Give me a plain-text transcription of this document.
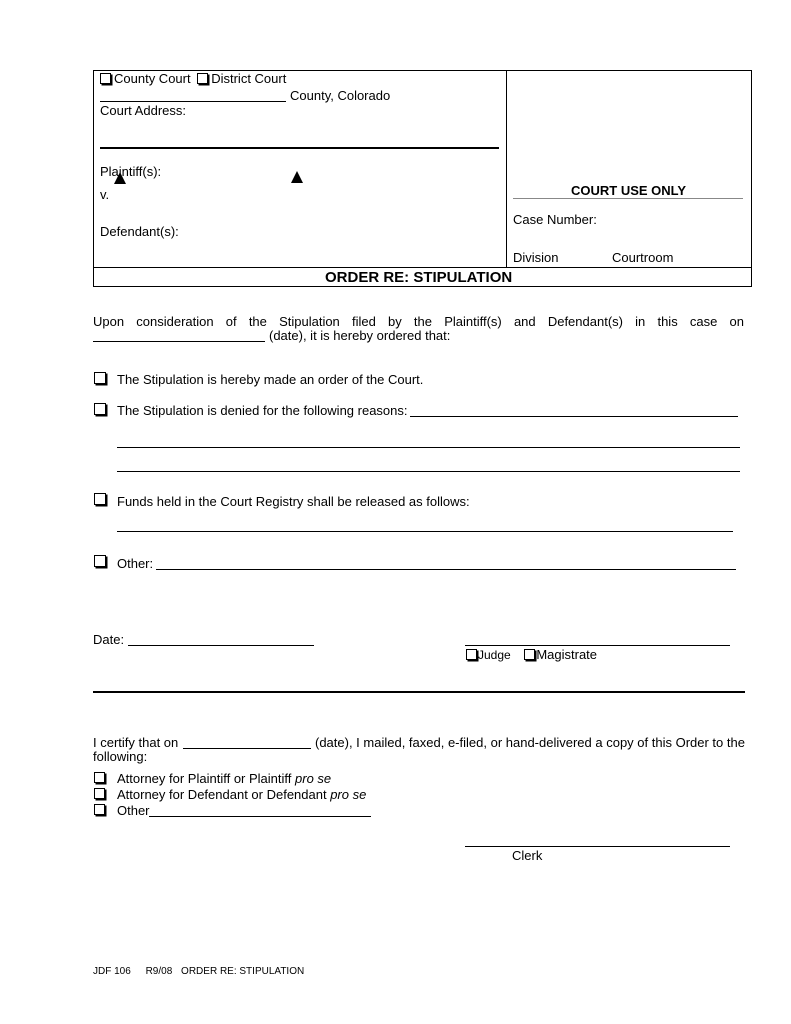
County Court District Court
County, Colorado
Court Address:
Plaintiff(s):
v.
Defendant(s):
COURT USE ONLY
Case Number:
Division	Courtroom
ORDER RE: STIPULATION
Upon consideration of the Stipulation filed by the Plaintiff(s) and Defendant(s) in this case on
(date), it is hereby ordered that:
The Stipulation is hereby made an order of the Court.
The Stipulation is denied for the following reasons:
Funds held in the Court Registry shall be released as follows:
Other:
Date:
Judge Magistrate
I certify that on	(date), I mailed, faxed, e-filed, or hand-delivered a copy of this Order to the
following:
Attorney for Plaintiff or Plaintiff pro se
Attorney for Defendant or Defendant pro se
Other
Clerk
JDF 106 R9/08 ORDER RE: STIPULATION
